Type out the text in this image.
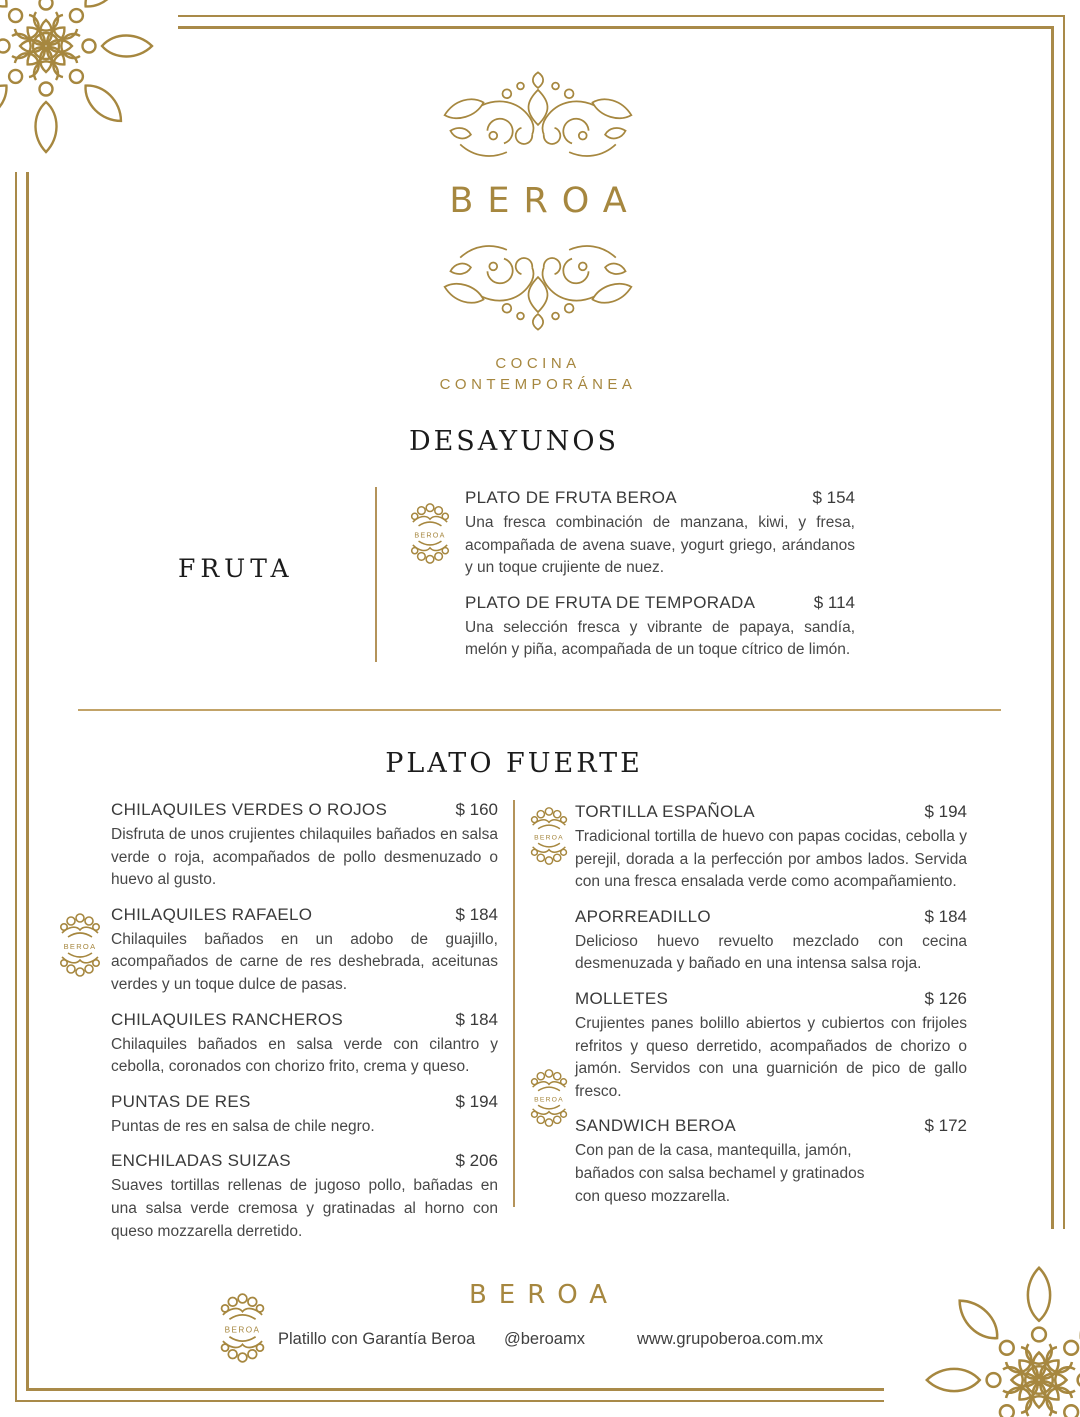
BEROA
COCINA
CONTEMPORÁNEA
DESAYUNOS
FRUTA
BEROA
PLATO DE FRUTA BEROA	$ 154

Una fresca combinación de manzana, kiwi, y fresa, acompañada de avena suave, yogurt griego, arándanos y un toque crujiente de nuez.

PLATO DE FRUTA DE TEMPORADA	$ 114

Una selección fresca y vibrante de papaya, sandía, melón y piña, acompañada de un toque cítrico de limón.

PLATO FUERTE
BEROA
BEROA
BEROA
CHILAQUILES VERDES O ROJOS	$ 160

Disfruta de unos crujientes chilaquiles bañados en salsa verde o roja, acompañados de pollo desmenuzado o huevo al gusto.

CHILAQUILES RAFAELO	$ 184

Chilaquiles bañados en un adobo de guajillo, acompañados de carne de res deshebrada, aceitunas verdes y un toque dulce de pasas.

CHILAQUILES RANCHEROS	$ 184

Chilaquiles bañados en salsa verde con cilantro y cebolla, coronados con chorizo frito, crema y queso.

PUNTAS DE RES	$ 194

Puntas de res en salsa de chile negro.

ENCHILADAS SUIZAS	$ 206

Suaves tortillas rellenas de jugoso pollo, bañadas en una salsa verde cremosa y gratinadas al horno con queso mozzarella derretido.

TORTILLA ESPAÑOLA	$ 194

Tradicional tortilla de huevo con papas cocidas, cebolla y perejil, dorada a la perfección por ambos lados. Servida con una fresca ensalada verde como acompañamiento.

APORREADILLO	$ 184

Delicioso huevo revuelto mezclado con cecina desmenuzada y bañado en una intensa salsa roja.

MOLLETES	$ 126

Crujientes panes bolillo abiertos y cubiertos con frijoles refritos y queso derretido, acompañados de chorizo o jamón. Servidos con una guarnición de pico de gallo fresco.

SANDWICH BEROA	$ 172

Con pan de la casa, mantequilla, jamón, bañados con salsa bechamel y gratinados con queso mozzarella.

BEROA
BEROA
Platillo con Garantía Beroa @beroamx	www.grupoberoa.com.mx
